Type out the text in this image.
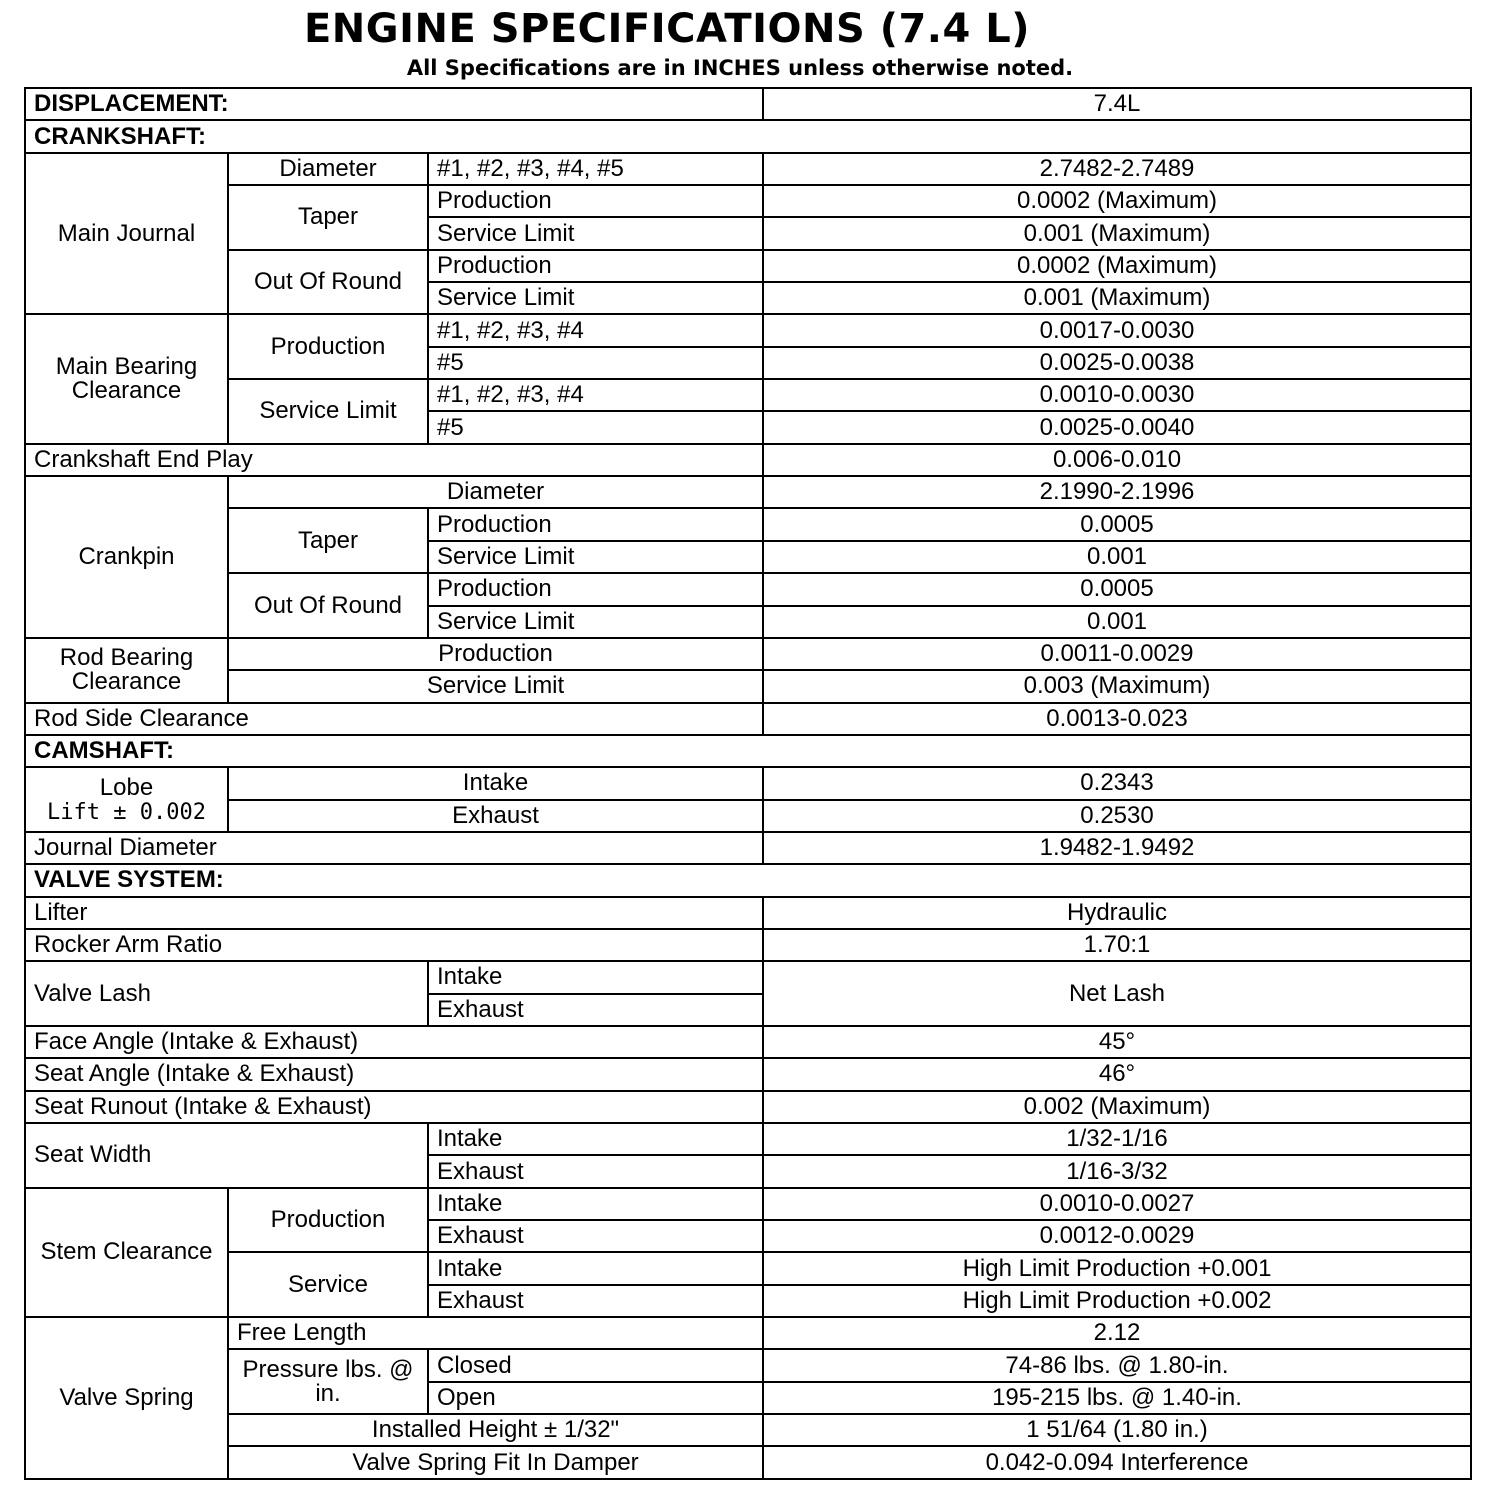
ENGINE SPECIFICATIONS (7.4 L)
All Specifications are in INCHES unless otherwise noted.
DISPLACEMENT:			7.4L
CRANKSHAFT:			
Main Journal	Diameter	#1, #2, #3, #4, #5	2.7482-2.7489
	Taper	Production	0.0002 (Maximum)
		Service Limit	0.001 (Maximum)
	Out Of Round	Production	0.0002 (Maximum)
		Service Limit	0.001 (Maximum)
Main Bearing Clearance	Production	#1, #2, #3, #4	0.0017-0.0030
		#5	0.0025-0.0038
	Service Limit	#1, #2, #3, #4	0.0010-0.0030
		#5	0.0025-0.0040
Crankshaft End Play			0.006-0.010
Crankpin	Diameter		2.1990-2.1996
	Taper	Production	0.0005
		Service Limit	0.001
	Out Of Round	Production	0.0005
		Service Limit	0.001
Rod Bearing Clearance	Production		0.0011-0.0029
	Service Limit		0.003 (Maximum)
Rod Side Clearance			0.0013-0.023
CAMSHAFT:			

Lobe
Lift ± 0.002	Intake		0.2343
	Exhaust		0.2530
Journal Diameter			1.9482-1.9492
VALVE SYSTEM:			
Lifter			Hydraulic
Rocker Arm Ratio			1.70:1
Valve Lash		Intake	Net Lash
		Exhaust	
Face Angle (Intake & Exhaust)			45°
Seat Angle (Intake & Exhaust)			46°
Seat Runout (Intake & Exhaust)			0.002 (Maximum)
Seat Width		Intake	1/32-1/16
		Exhaust	1/16-3/32
Stem Clearance	Production	Intake	0.0010-0.0027
		Exhaust	0.0012-0.0029
	Service	Intake	High Limit Production +0.001
		Exhaust	High Limit Production +0.002
Valve Spring	Free Length		2.12
	Pressure lbs. @ in.	Closed	74-86 lbs. @ 1.80-in.
		Open	195-215 lbs. @ 1.40-in.
	Installed Height ± 1/32"		1 51/64 (1.80 in.)
	Valve Spring Fit In Damper		0.042-0.094 Interference
